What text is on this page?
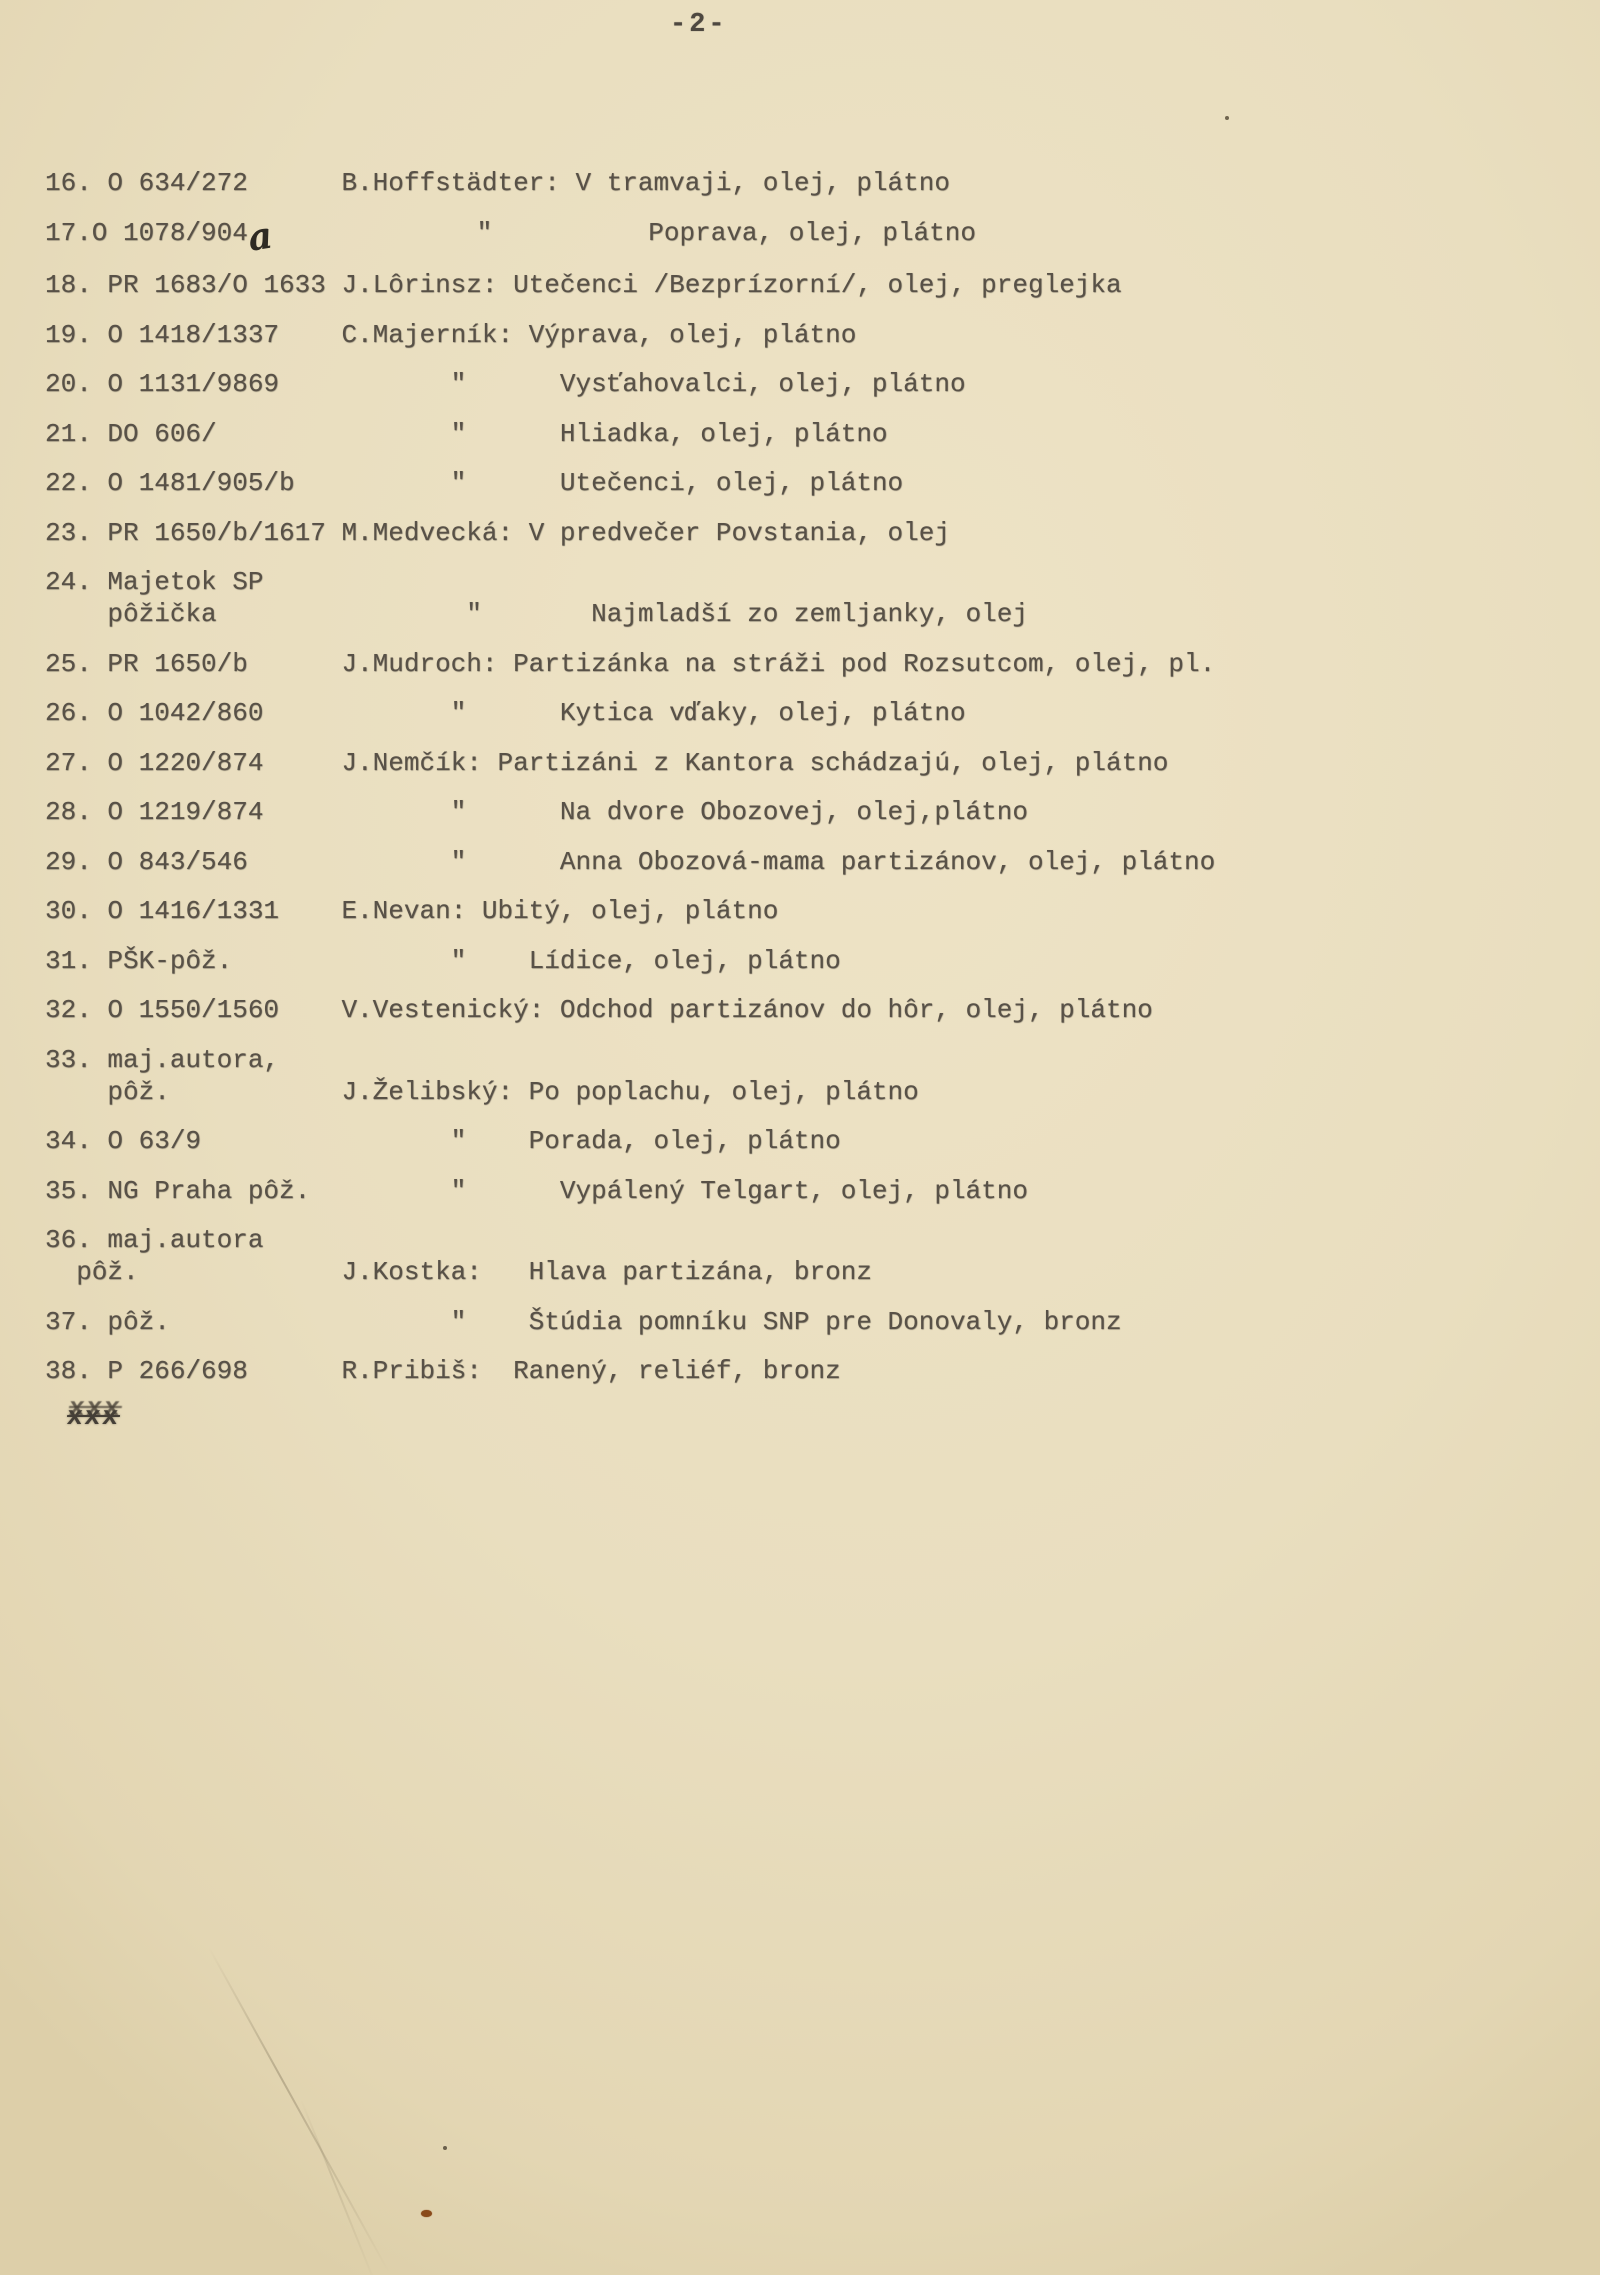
-2-
16. O 634/272      B.Hoffstädter: V tramvaji, olej, plátno
17.O 1078/904a             "          Poprava, olej, plátno
18. PR 1683/O 1633 J.Lôrinsz: Utečenci /Bezprízorní/, olej, preglejka
19. O 1418/1337    C.Majerník: Výprava, olej, plátno
20. O 1131/9869           "      Vysťahovalci, olej, plátno
21. DO 606/               "      Hliadka, olej, plátno
22. O 1481/905/b          "      Utečenci, olej, plátno
23. PR 1650/b/1617 M.Medvecká: V predvečer Povstania, olej
24. Majetok SP
pôžička                "       Najmladší zo zemljanky, olej
25. PR 1650/b      J.Mudroch: Partizánka na stráži pod Rozsutcom, olej, pl.
26. O 1042/860            "      Kytica vďaky, olej, plátno
27. O 1220/874     J.Nemčík: Partizáni z Kantora schádzajú, olej, plátno
28. O 1219/874            "      Na dvore Obozovej, olej,plátno
29. O 843/546             "      Anna Obozová-mama partizánov, olej, plátno
30. O 1416/1331    E.Nevan: Ubitý, olej, plátno
31. PŠK-pôž.              "    Lídice, olej, plátno
32. O 1550/1560    V.Vestenický: Odchod partizánov do hôr, olej, plátno
33. maj.autora,
pôž.           J.Želibský: Po poplachu, olej, plátno
34. O 63/9                "    Porada, olej, plátno
35. NG Praha pôž.         "      Vypálený Telgart, olej, plátno
36. maj.autora
pôž.             J.Kostka:   Hlava partizána, bronz
37. pôž.                  "    Štúdia pomníku SNP pre Donovaly, bronz
38. P 266/698      R.Pribiš:  Ranený, reliéf, bronz
xxx
